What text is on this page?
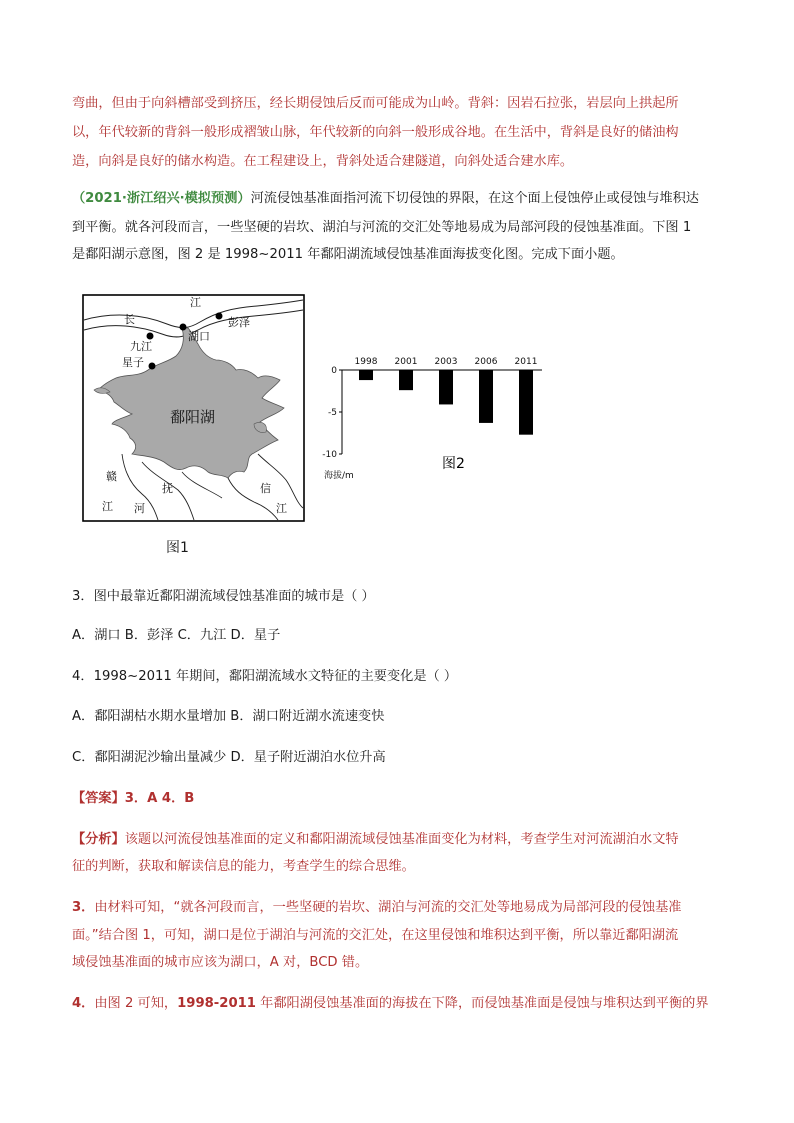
弯曲，但由于向斜槽部受到挤压，经长期侵蚀后反而可能成为山岭。背斜：因岩石拉张，岩层向上拱起所
以，年代较新的背斜一般形成褶皱山脉，年代较新的向斜一般形成谷地。在生活中，背斜是良好的储油构
造，向斜是良好的储水构造。在工程建设上，背斜处适合建隧道，向斜处适合建水库。
（2021·浙江绍兴·模拟预测）河流侵蚀基准面指河流下切侵蚀的界限，在这个面上侵蚀停止或侵蚀与堆积达
到平衡。就各河段而言，一些坚硬的岩坎、湖泊与河流的交汇处等地易成为局部河段的侵蚀基准面。下图 1
是鄱阳湖示意图，图 2 是 1998~2011 年鄱阳湖流域侵蚀基准面海拔变化图。完成下面小题。
长
江
彭泽
九江
湖口
星子
鄱阳湖
赣
江
抚
河
信
江
图1
0
-5
-10
1998 2001 2003 2006 2011
海拔/m
图2
3．图中最靠近鄱阳湖流域侵蚀基准面的城市是（ ）
A．湖口 B．彭泽 C．九江 D．星子
4．1998~2011 年期间，鄱阳湖流域水文特征的主要变化是（ ）
A．鄱阳湖枯水期水量增加 B．湖口附近湖水流速变快
C．鄱阳湖泥沙输出量减少 D．星子附近湖泊水位升高
【答案】3．A 4．B
【分析】该题以河流侵蚀基准面的定义和鄱阳湖流域侵蚀基准面变化为材料，考查学生对河流湖泊水文特
征的判断，获取和解读信息的能力，考查学生的综合思维。
3．由材料可知，“就各河段而言，一些坚硬的岩坎、湖泊与河流的交汇处等地易成为局部河段的侵蚀基准
面。”结合图 1，可知，湖口是位于湖泊与河流的交汇处，在这里侵蚀和堆积达到平衡，所以靠近鄱阳湖流
域侵蚀基准面的城市应该为湖口，A 对，BCD 错。
4．由图 2 可知，1998-2011 年鄱阳湖侵蚀基准面的海拔在下降，而侵蚀基准面是侵蚀与堆积达到平衡的界
